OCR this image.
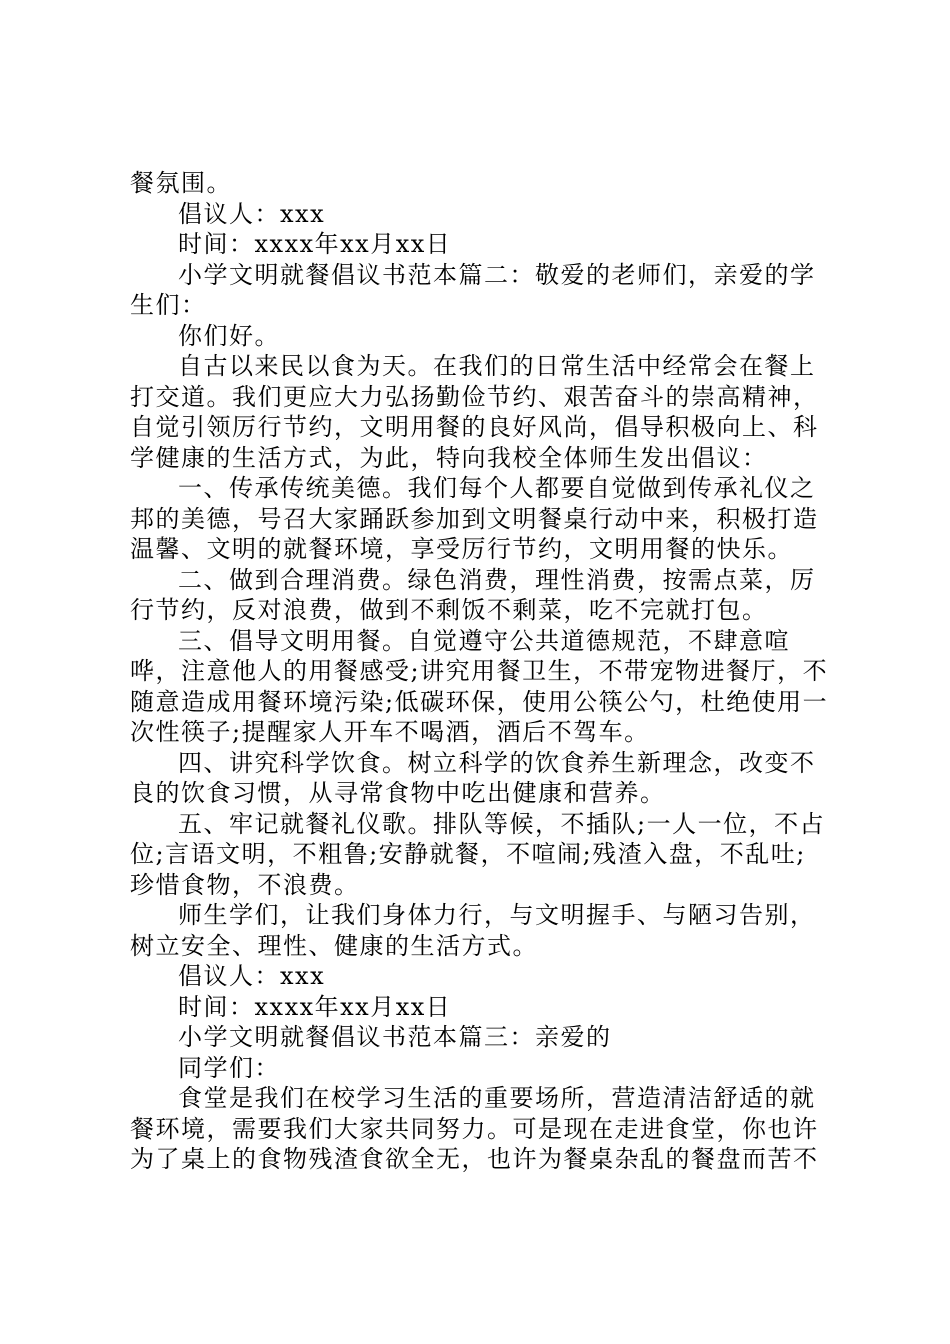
餐氛围。

倡议人：xxx

时间：xxxx年xx月xx日

小学文明就餐倡议书范本篇二：敬爱的老师们，亲爱的学生们：

你们好。

自古以来民以食为天。在我们的日常生活中经常会在餐上打交道。我们更应大力弘扬勤俭节约、艰苦奋斗的崇高精神，自觉引领厉行节约，文明用餐的良好风尚，倡导积极向上、科学健康的生活方式，为此，特向我校全体师生发出倡议：

一、传承传统美德。我们每个人都要自觉做到传承礼仪之邦的美德，号召大家踊跃参加到文明餐桌行动中来，积极打造温馨、文明的就餐环境，享受厉行节约，文明用餐的快乐。

二、做到合理消费。绿色消费，理性消费，按需点菜，厉行节约，反对浪费，做到不剩饭不剩菜，吃不完就打包。

三、倡导文明用餐。自觉遵守公共道德规范，不肆意喧哗，注意他人的用餐感受;讲究用餐卫生，不带宠物进餐厅，不随意造成用餐环境污染;低碳环保，使用公筷公勺，杜绝使用一次性筷子;提醒家人开车不喝酒，酒后不驾车。

四、讲究科学饮食。树立科学的饮食养生新理念，改变不良的饮食习惯，从寻常食物中吃出健康和营养。

五、牢记就餐礼仪歌。排队等候，不插队;一人一位，不占位;言语文明，不粗鲁;安静就餐，不喧闹;残渣入盘，不乱吐;珍惜食物，不浪费。

师生学们，让我们身体力行，与文明握手、与陋习告别，树立安全、理性、健康的生活方式。

倡议人：xxx

时间：xxxx年xx月xx日

小学文明就餐倡议书范本篇三：亲爱的

同学们：

食堂是我们在校学习生活的重要场所，营造清洁舒适的就餐环境，需要我们大家共同努力。可是现在走进食堂，你也许为了桌上的食物残渣食欲全无，也许为餐桌杂乱的餐盘而苦不
